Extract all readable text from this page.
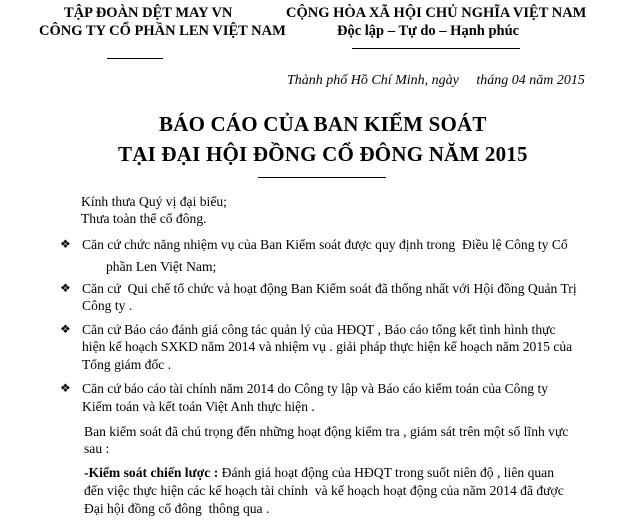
TẬP ĐOÀN DỆT MAY VN
CÔNG TY CỔ PHẦN LEN VIỆT NAM
CỘNG HÒA XÃ HỘI CHỦ NGHĨA VIỆT NAM
Độc lập – Tự do – Hạnh phúc
Thành phố Hồ Chí Minh, ngày     tháng 04 năm 2015
BÁO CÁO CỦA BAN KIỂM SOÁT
TẠI ĐẠI HỘI ĐỒNG CỔ ĐÔNG NĂM 2015
Kính thưa Quý vị đại biểu;
Thưa toàn thể cổ đông.
❖ Căn cứ chức năng nhiệm vụ của Ban Kiểm soát được quy định trong  Điều lệ Công ty Cổ
phần Len Việt Nam;
❖ Căn cứ  Qui chế tổ chức và hoạt động Ban Kiểm soát đã thống nhất với Hội đồng Quản Trị
Công ty .
❖ Căn cứ Báo cáo đánh giá công tác quản lý của HĐQT , Báo cáo tổng kết tình hình thực
hiện kế hoạch SXKD năm 2014 và nhiệm vụ . giải pháp thực hiện kế hoạch năm 2015 của
Tổng giám đốc .
❖ Căn cứ báo cáo tài chính năm 2014 do Công ty lập và Báo cáo kiểm toán của Công ty
Kiểm toán và kết toán Việt Anh thực hiện .
Ban kiểm soát đã chú trọng đến những hoạt động kiểm tra , giám sát trên một số lĩnh vực
sau :
-Kiểm soát chiến lược : Đánh giá hoạt động của HĐQT trong suốt niên độ , liên quan
đến việc thực hiện các kế hoạch tài chính  và kế hoạch hoạt động của năm 2014 đã được
Đại hội đồng cổ đông  thông qua .
